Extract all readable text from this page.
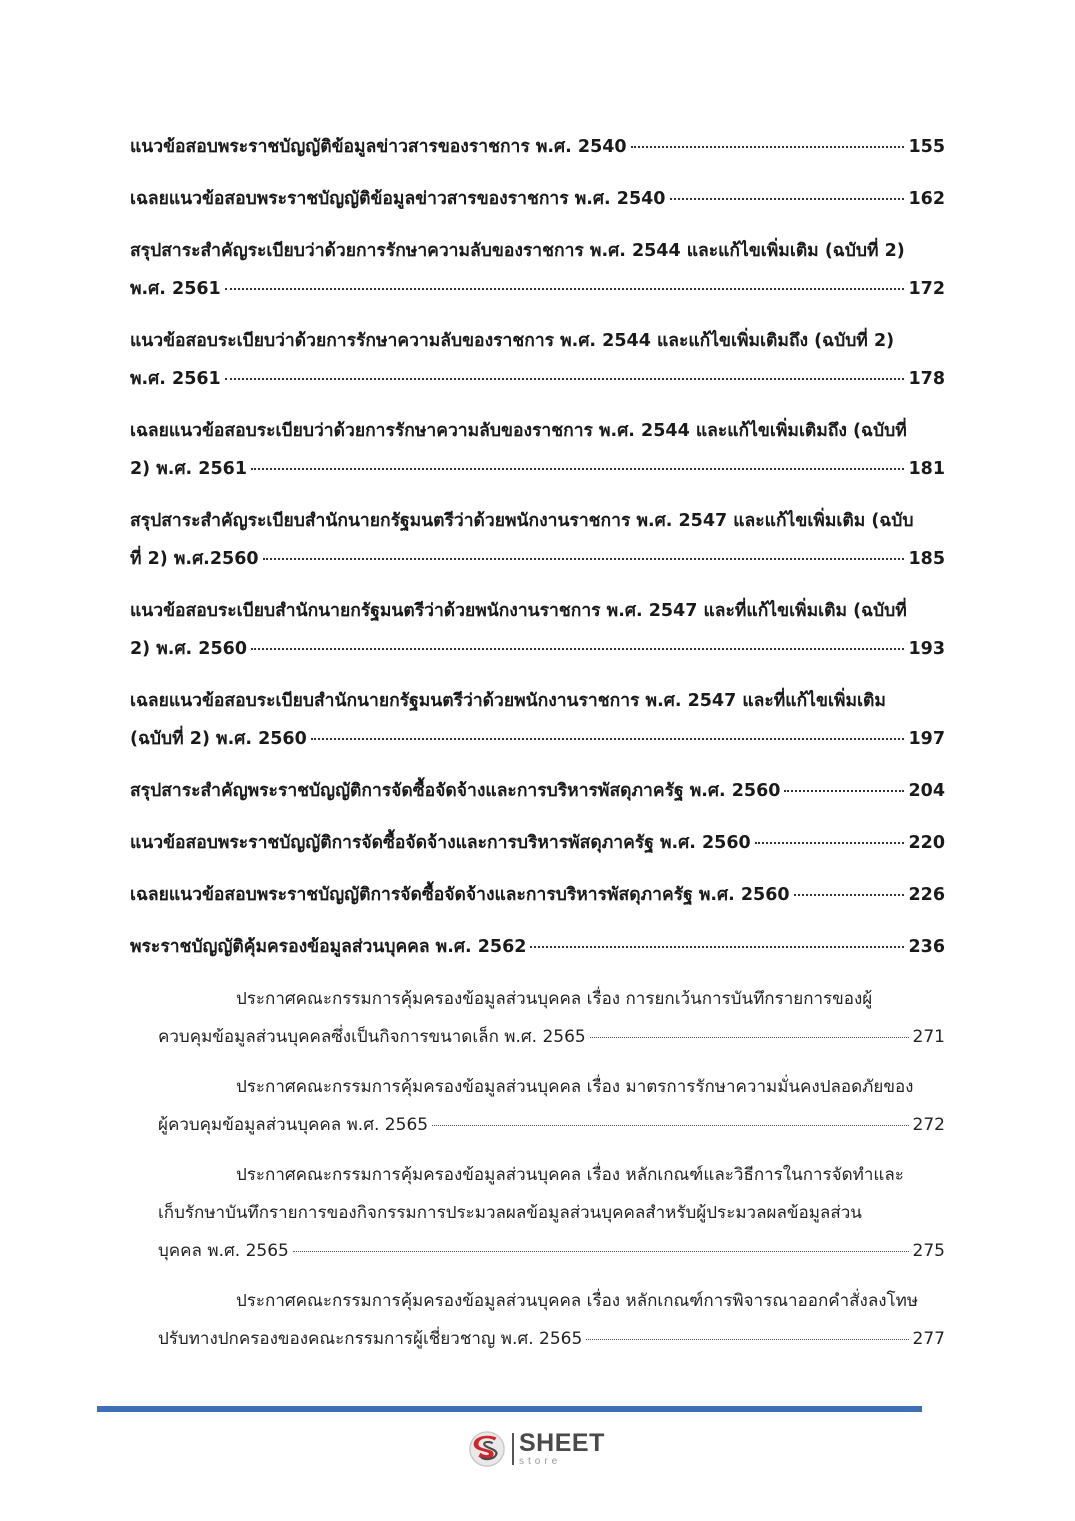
แนวข้อสอบพระราชบัญญัติข้อมูลข่าวสารของราชการ พ.ศ. 2540	155
เฉลยแนวข้อสอบพระราชบัญญัติข้อมูลข่าวสารของราชการ พ.ศ. 2540	162
สรุปสาระสำคัญระเบียบว่าด้วยการรักษาความลับของราชการ พ.ศ. 2544 และแก้ไขเพิ่มเติม (ฉบับที่ 2)
พ.ศ. 2561	172
แนวข้อสอบระเบียบว่าด้วยการรักษาความลับของราชการ พ.ศ. 2544 และแก้ไขเพิ่มเติมถึง (ฉบับที่ 2)
พ.ศ. 2561	178
เฉลยแนวข้อสอบระเบียบว่าด้วยการรักษาความลับของราชการ พ.ศ. 2544 และแก้ไขเพิ่มเติมถึง (ฉบับที่
2) พ.ศ. 2561	181
สรุปสาระสำคัญระเบียบสำนักนายกรัฐมนตรีว่าด้วยพนักงานราชการ พ.ศ. 2547 และแก้ไขเพิ่มเติม (ฉบับ
ที่ 2) พ.ศ.2560	185
แนวข้อสอบระเบียบสำนักนายกรัฐมนตรีว่าด้วยพนักงานราชการ พ.ศ. 2547 และที่แก้ไขเพิ่มเติม (ฉบับที่
2) พ.ศ. 2560	193
เฉลยแนวข้อสอบระเบียบสำนักนายกรัฐมนตรีว่าด้วยพนักงานราชการ พ.ศ. 2547 และที่แก้ไขเพิ่มเติม
(ฉบับที่ 2) พ.ศ. 2560	197
สรุปสาระสำคัญพระราชบัญญัติการจัดซื้อจัดจ้างและการบริหารพัสดุภาครัฐ พ.ศ. 2560	204
แนวข้อสอบพระราชบัญญัติการจัดซื้อจัดจ้างและการบริหารพัสดุภาครัฐ พ.ศ. 2560	220
เฉลยแนวข้อสอบพระราชบัญญัติการจัดซื้อจัดจ้างและการบริหารพัสดุภาครัฐ พ.ศ. 2560	226
พระราชบัญญัติคุ้มครองข้อมูลส่วนบุคคล พ.ศ. 2562	236
ประกาศคณะกรรมการคุ้มครองข้อมูลส่วนบุคคล เรื่อง การยกเว้นการบันทึกรายการของผู้
ควบคุมข้อมูลส่วนบุคคลซึ่งเป็นกิจการขนาดเล็ก พ.ศ. 2565	271
ประกาศคณะกรรมการคุ้มครองข้อมูลส่วนบุคคล เรื่อง มาตรการรักษาความมั่นคงปลอดภัยของ
ผู้ควบคุมข้อมูลส่วนบุคคล พ.ศ. 2565	272
ประกาศคณะกรรมการคุ้มครองข้อมูลส่วนบุคคล เรื่อง หลักเกณฑ์และวิธีการในการจัดทำและ
เก็บรักษาบันทึกรายการของกิจกรรมการประมวลผลข้อมูลส่วนบุคคลสำหรับผู้ประมวลผลข้อมูลส่วน
บุคคล พ.ศ. 2565	275
ประกาศคณะกรรมการคุ้มครองข้อมูลส่วนบุคคล เรื่อง หลักเกณฑ์การพิจารณาออกคำสั่งลงโทษ
ปรับทางปกครองของคณะกรรมการผู้เชี่ยวชาญ พ.ศ. 2565	277
SHEET
store
